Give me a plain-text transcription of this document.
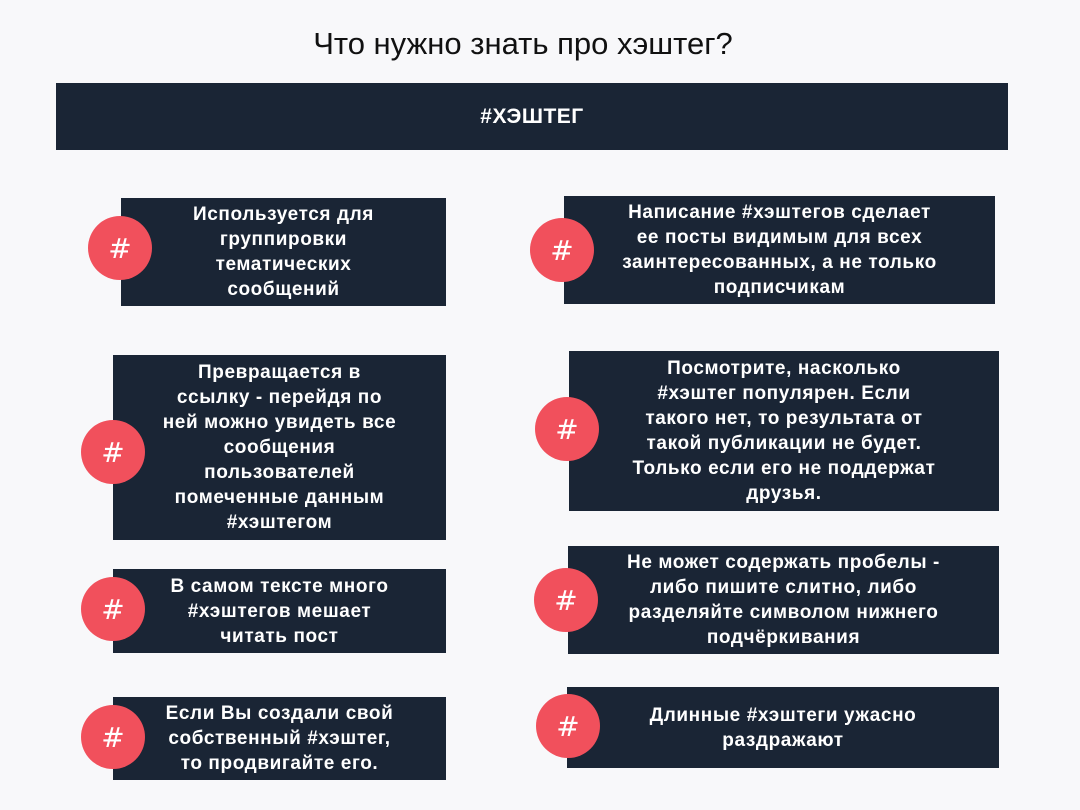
Что нужно знать про хэштег?
#ХЭШТЕГ
Используется для
группировки
тематических
сообщений
#
Превращается в
ссылку - перейдя по
ней можно увидеть все
сообщения
пользователей
помеченные данным
#хэштегом
#
В самом тексте много
#хэштегов мешает
читать пост
#
Если Вы создали свой
собственный #хэштег,
то продвигайте его.
#
Написание #хэштегов сделает
ее посты видимым для всех
заинтересованных, а не только
подписчикам
#
Посмотрите, насколько
#хэштег популярен. Если
такого нет, то результата от
такой публикации не будет.
Только если его не поддержат
друзья.
#
Не может содержать пробелы -
либо пишите слитно, либо
разделяйте символом нижнего
подчёркивания
#
Длинные #хэштеги ужасно
раздражают
#
